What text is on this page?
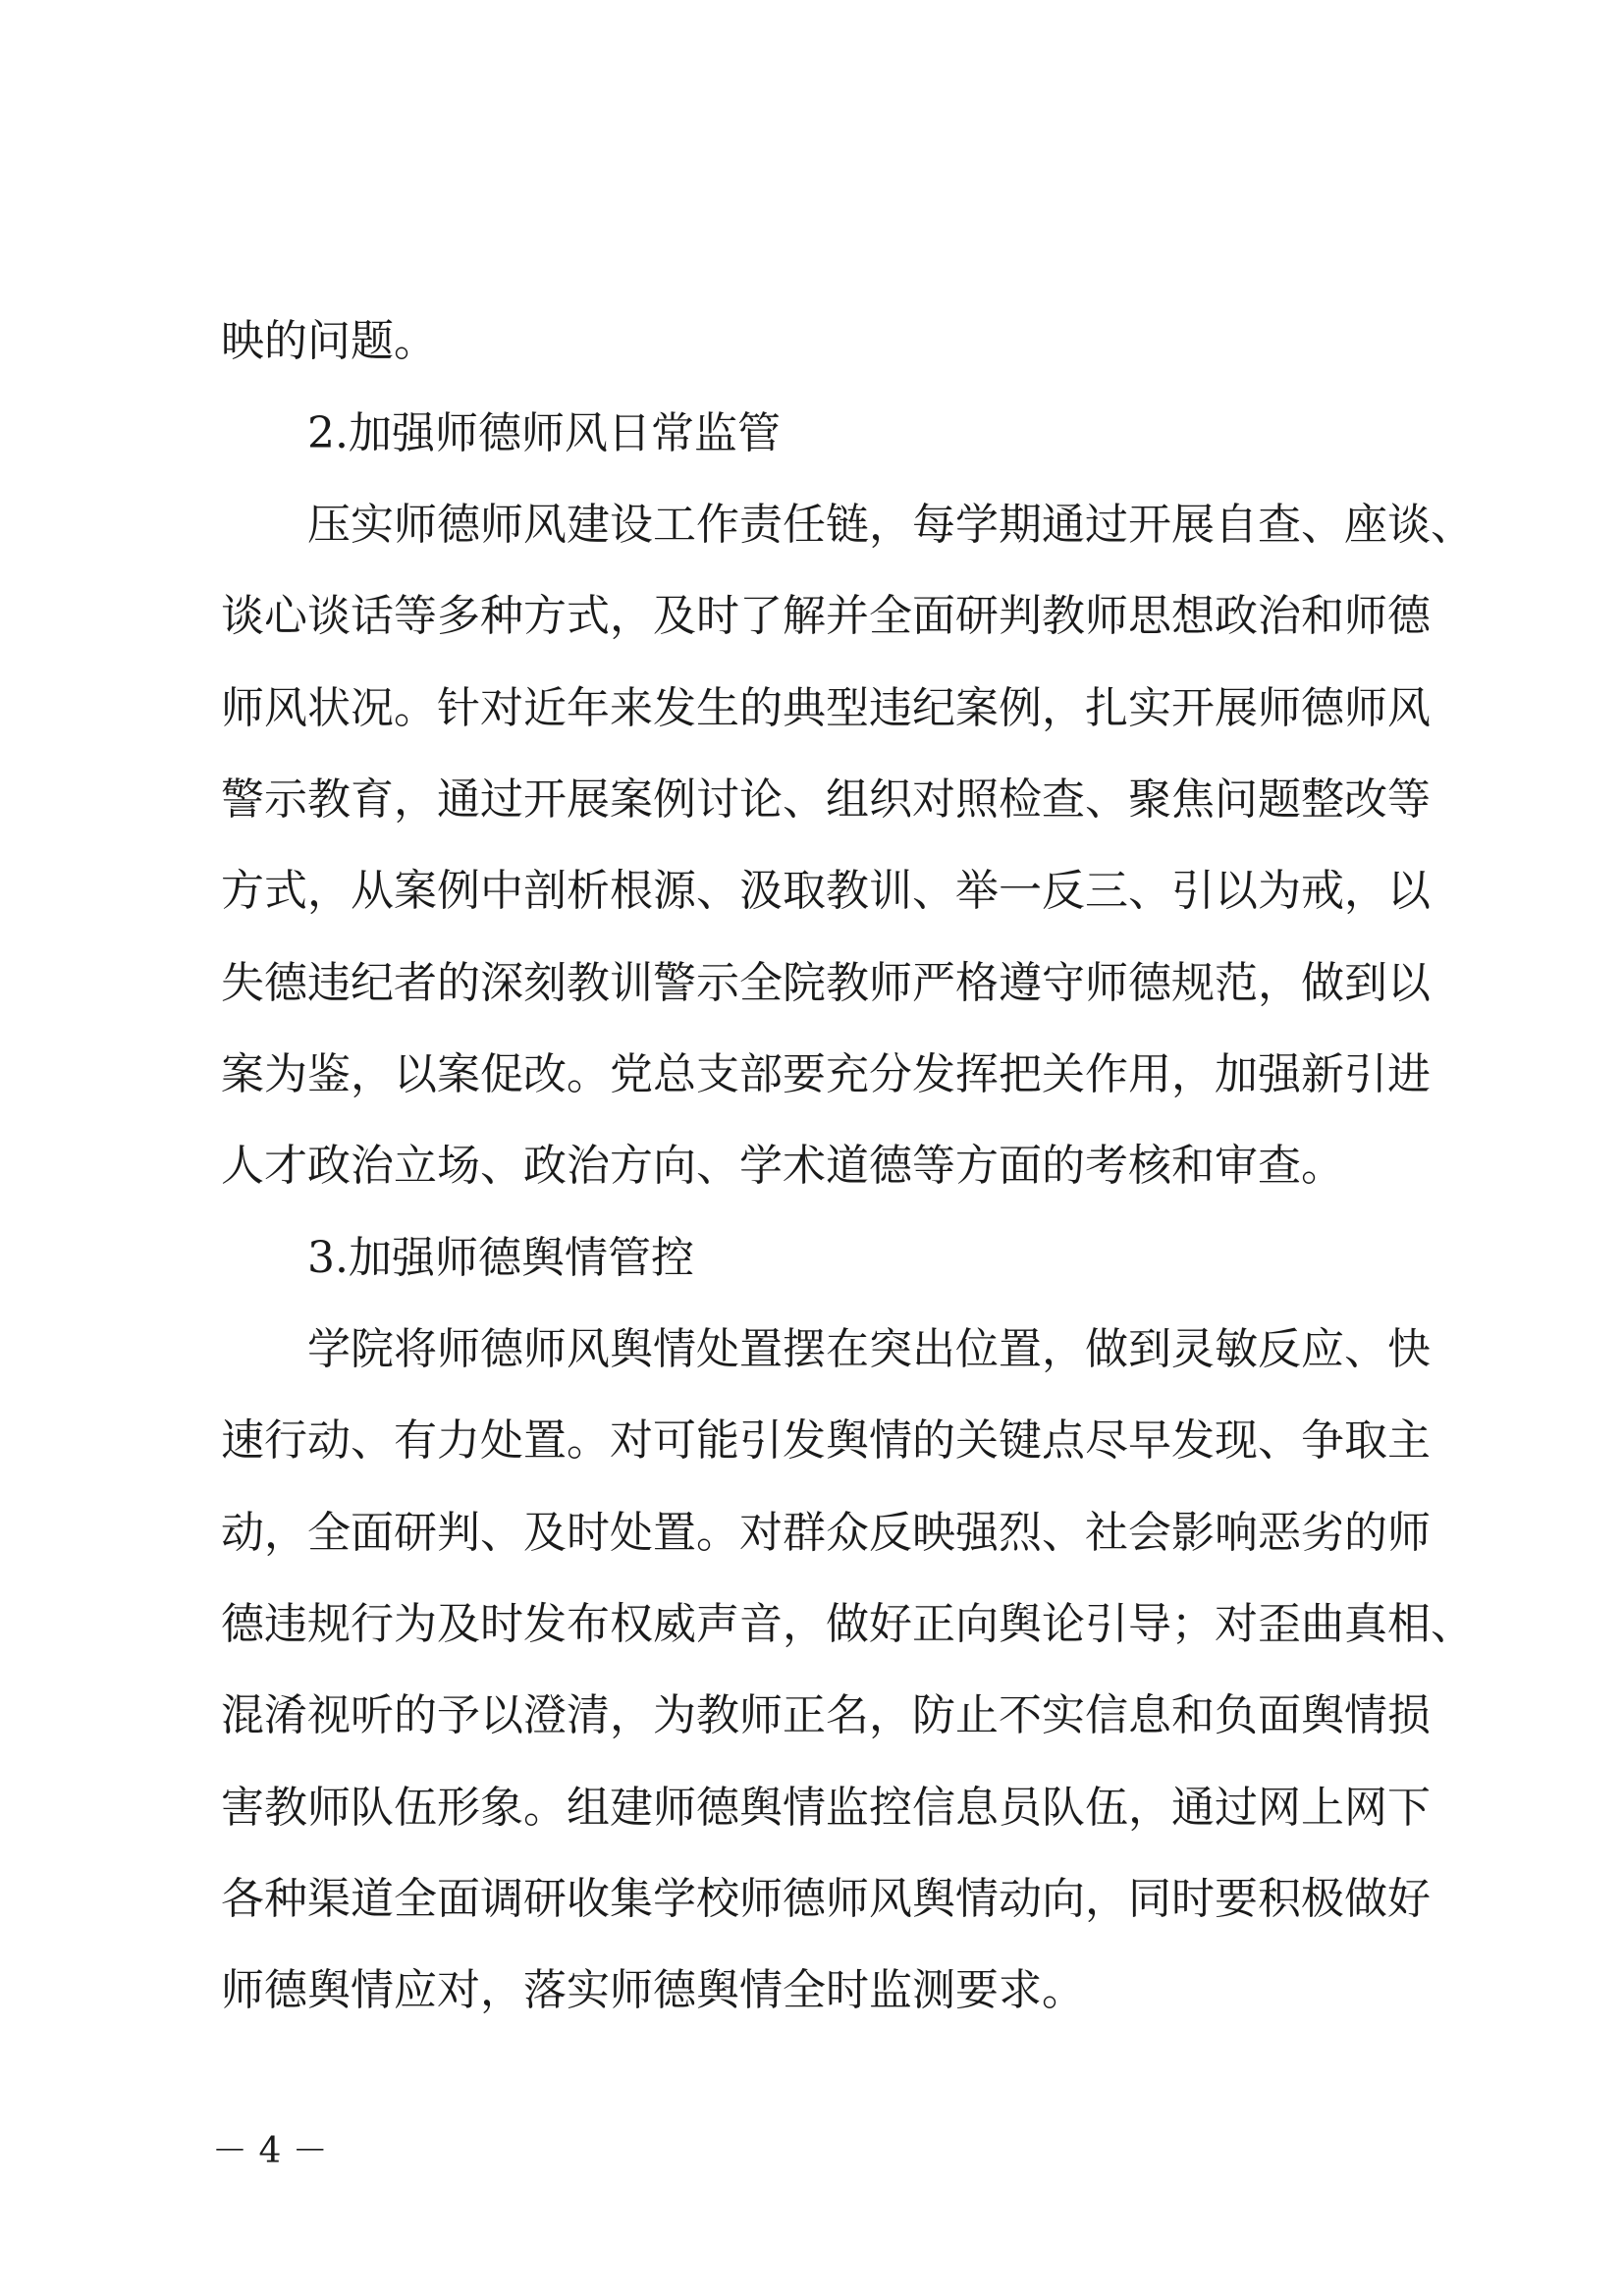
映的问题。
2.加强师德师风日常监管
压实师德师风建设工作责任链，每学期通过开展自查、座谈、
谈心谈话等多种方式，及时了解并全面研判教师思想政治和师德
师风状况。针对近年来发生的典型违纪案例，扎实开展师德师风
警示教育，通过开展案例讨论、组织对照检查、聚焦问题整改等
方式，从案例中剖析根源、汲取教训、举一反三、引以为戒，以
失德违纪者的深刻教训警示全院教师严格遵守师德规范，做到以
案为鉴，以案促改。党总支部要充分发挥把关作用，加强新引进
人才政治立场、政治方向、学术道德等方面的考核和审查。
3.加强师德舆情管控
学院将师德师风舆情处置摆在突出位置，做到灵敏反应、快
速行动、有力处置。对可能引发舆情的关键点尽早发现、争取主
动，全面研判、及时处置。对群众反映强烈、社会影响恶劣的师
德违规行为及时发布权威声音，做好正向舆论引导；对歪曲真相、
混淆视听的予以澄清，为教师正名，防止不实信息和负面舆情损
害教师队伍形象。组建师德舆情监控信息员队伍，通过网上网下
各种渠道全面调研收集学校师德师风舆情动向，同时要积极做好
师德舆情应对，落实师德舆情全时监测要求。
－ 4 －
